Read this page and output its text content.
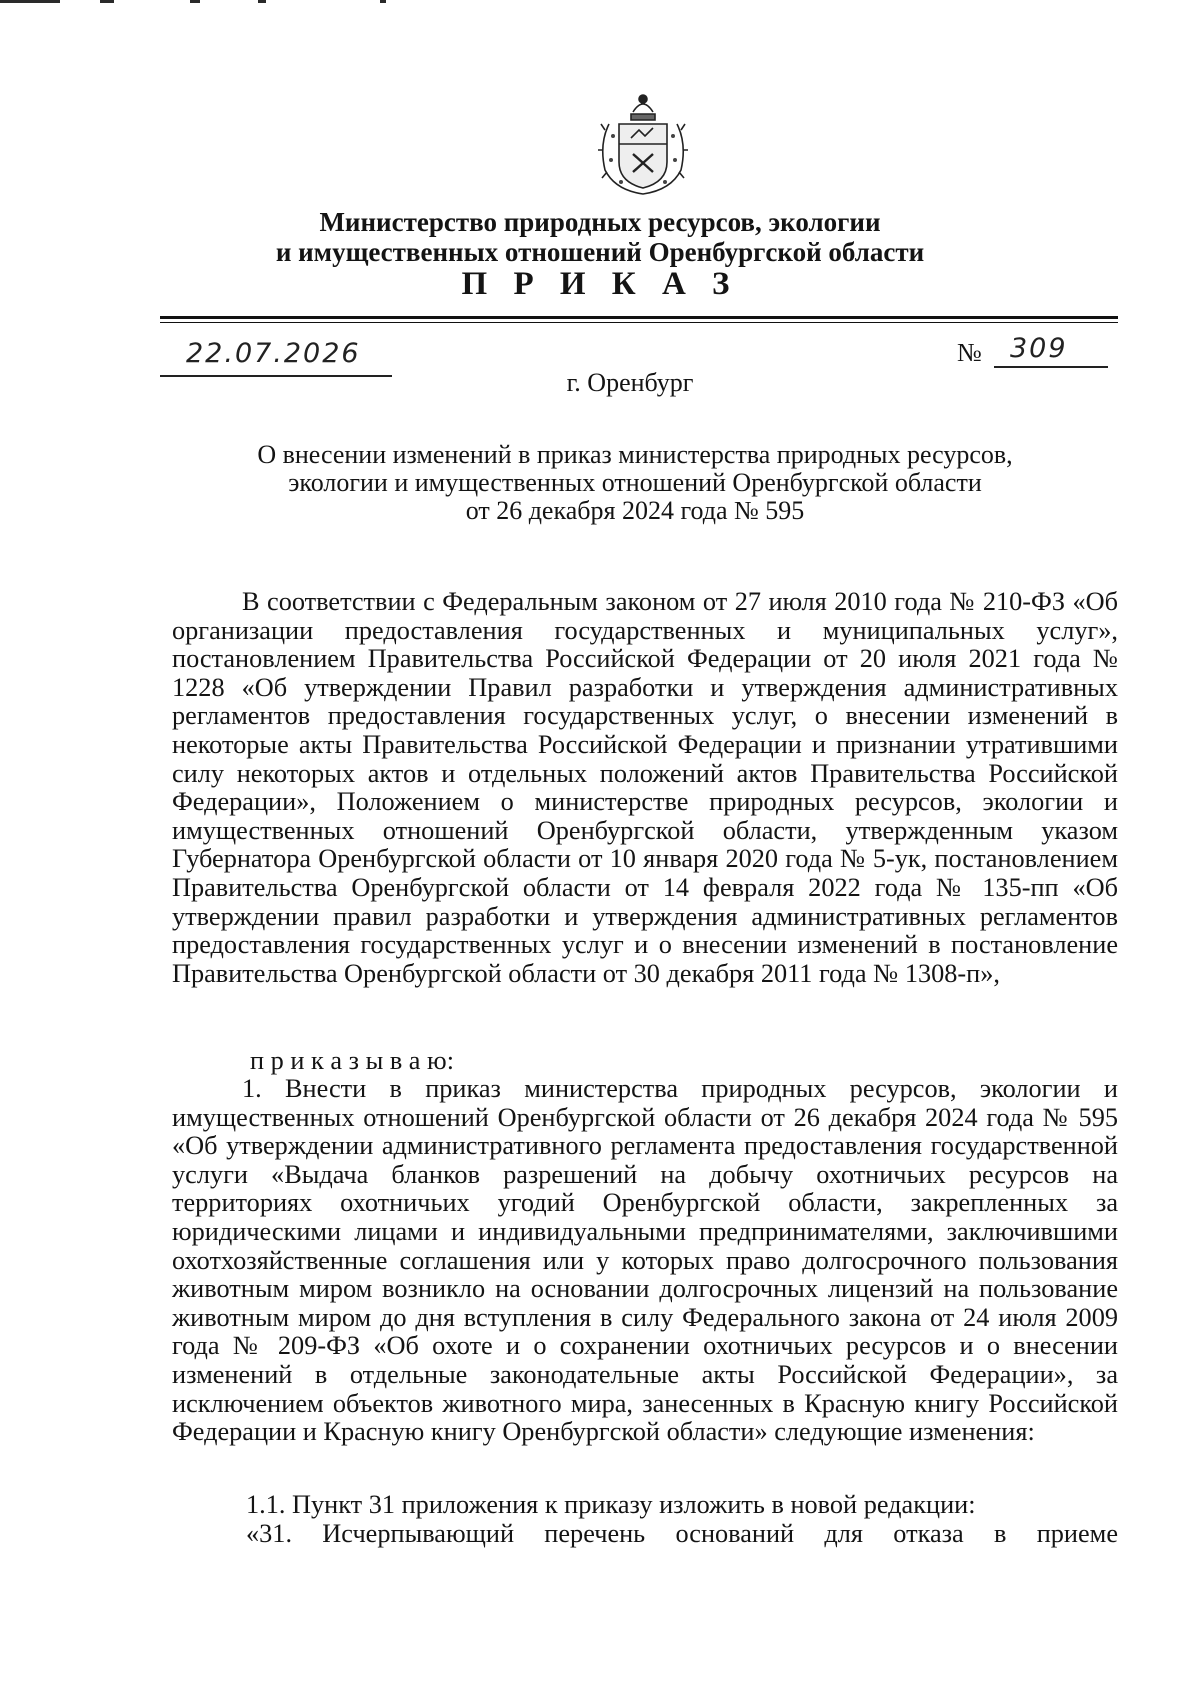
Министерство природных ресурсов, экологии
и имущественных отношений Оренбургской области
П Р И К А З
22.07.2026	№ 309
г. Оренбург
О внесении изменений в приказ министерства природных ресурсов,
экологии и имущественных отношений Оренбургской области
от 26 декабря 2024 года № 595

В соответствии с Федеральным законом от 27 июля 2010 года № 210-ФЗ «Об организации предоставления государственных и муниципальных услуг», постановлением Правительства Российской Федерации от 20 июля 2021 года № 1228 «Об утверждении Правил разработки и утверждения административных регламентов предоставления государственных услуг, о внесении изменений в некоторые акты Правительства Российской Федерации и признании утратившими силу некоторых актов и отдельных положений актов Правительства Российской Федерации», Положением о министерстве природных ресурсов, экологии и имущественных отношений Оренбургской области, утвержденным указом Губернатора Оренбургской области от 10 января 2020 года № 5-ук, постановлением Правительства Оренбургской области от 14 февраля 2022 года № 135-пп «Об утверждении правил разработки и утверждения административных регламентов предоставления государственных услуг и о внесении изменений в постановление Правительства Оренбургской области от 30 декабря 2011 года № 1308-п»,

п р и к а з ы в а ю:

1. Внести в приказ министерства природных ресурсов, экологии и имущественных отношений Оренбургской области от 26 декабря 2024 года № 595 «Об утверждении административного регламента предоставления государственной услуги «Выдача бланков разрешений на добычу охотничьих ресурсов на территориях охотничьих угодий Оренбургской области, закрепленных за юридическими лицами и индивидуальными предпринимателями, заключившими охотхозяйственные соглашения или у которых право долгосрочного пользования животным миром возникло на основании долгосрочных лицензий на пользование животным миром до дня вступления в силу Федерального закона от 24 июля 2009 года № 209-ФЗ «Об охоте и о сохранении охотничьих ресурсов и о внесении изменений в отдельные законодательные акты Российской Федерации», за исключением объектов животного мира, занесенных в Красную книгу Российской Федерации и Красную книгу Оренбургской области» следующие изменения:

1.1. Пункт 31 приложения к приказу изложить в новой редакции:
«31. Исчерпывающий перечень оснований для отказа в приеме
